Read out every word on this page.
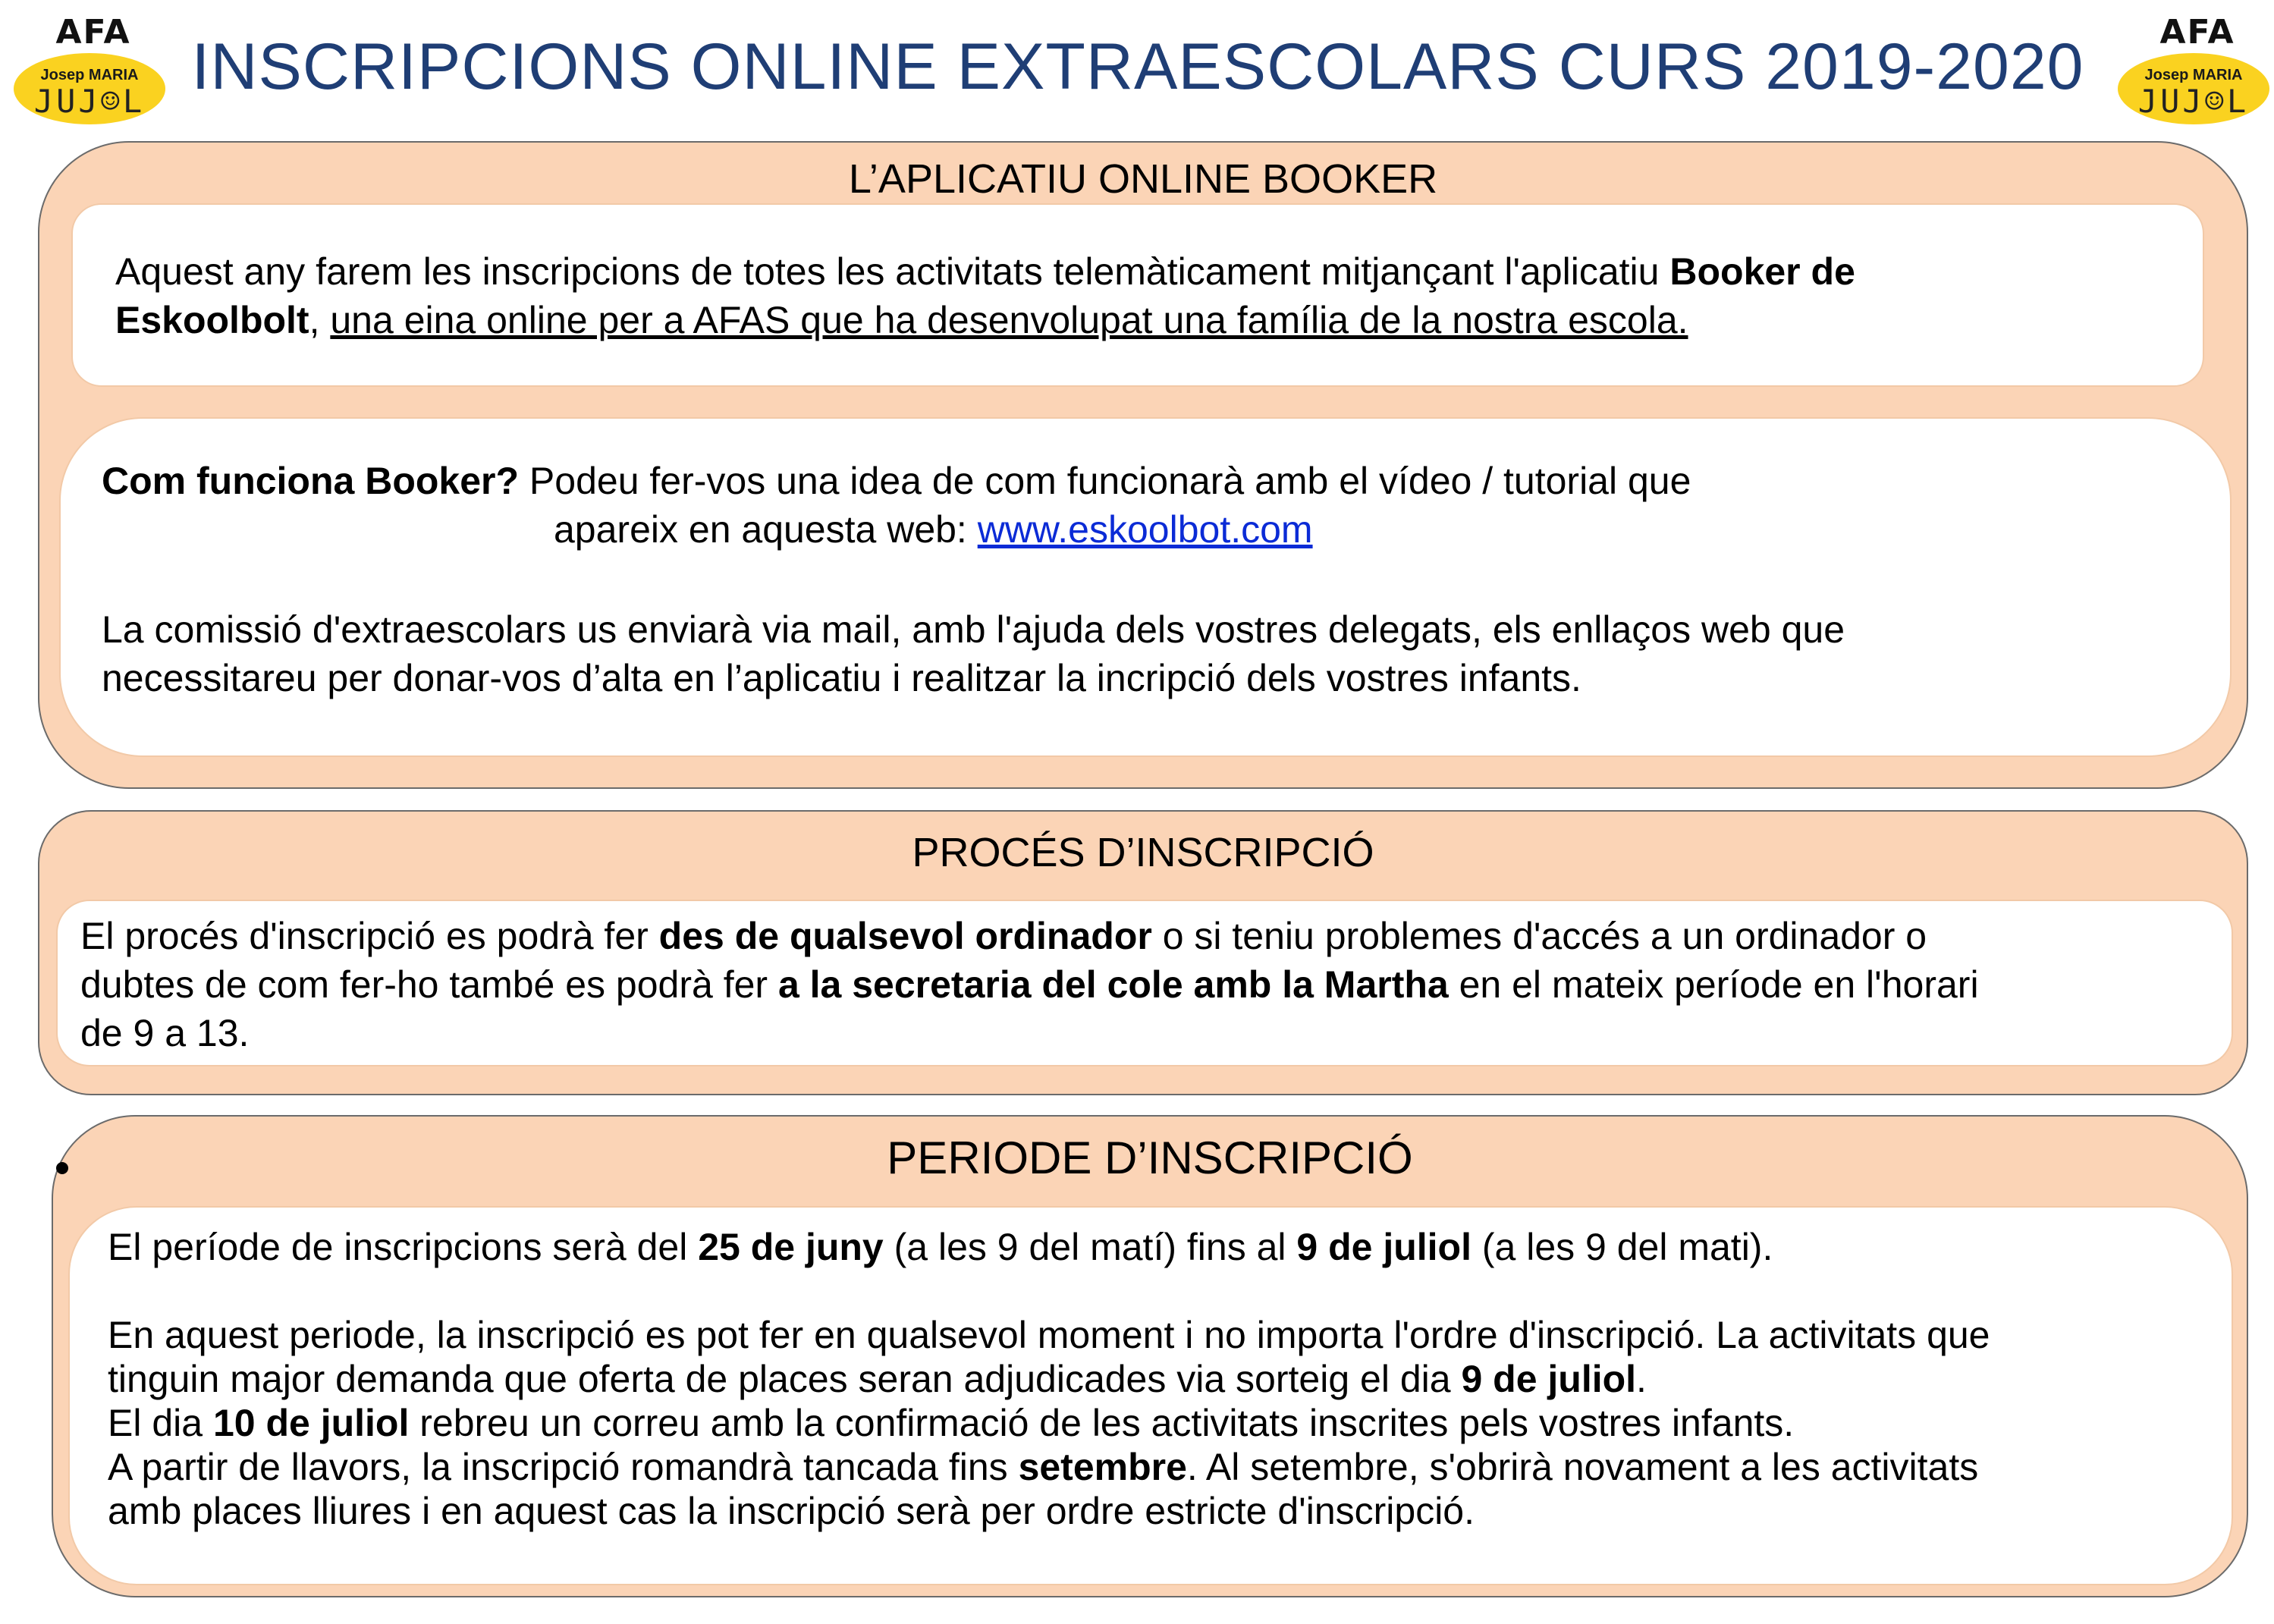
AFA
Josep MARIA
JUJ☺L
AFA
Josep MARIA
JUJ☺L
INSCRIPCIONS ONLINE EXTRAESCOLARS CURS 2019-2020
L’APLICATIU ONLINE BOOKER
Aquest any farem les inscripcions de totes les activitats telemàticament mitjançant l'aplicatiu Booker de
Eskoolbolt, una eina online per a AFAS que ha desenvolupat una família de la nostra escola.
Com funciona Booker? Podeu fer-vos una idea de com funcionarà amb el vídeo / tutorial que
apareix en aquesta web: www.eskoolbot.com
La comissió d'extraescolars us enviarà via mail, amb l'ajuda dels vostres delegats, els enllaços web que
necessitareu per donar-vos d’alta en l’aplicatiu i realitzar la incripció dels vostres infants.
PROCÉS D’INSCRIPCIÓ
El procés d'inscripció es podrà fer des de qualsevol ordinador o si teniu problemes d'accés a un ordinador o
dubtes de com fer-ho també es podrà fer a la secretaria del cole amb la Martha en el mateix període en l'horari
de 9 a 13.
PERIODE D’INSCRIPCIÓ
El període de inscripcions serà del 25 de juny (a les 9 del matí) fins al 9 de juliol (a les 9 del mati).
En aquest periode, la inscripció es pot fer en qualsevol moment i no importa l'ordre d'inscripció. La activitats que
tinguin major demanda que oferta de places seran adjudicades via sorteig el dia 9 de juliol.
El dia 10 de juliol rebreu un correu amb la confirmació de les activitats inscrites pels vostres infants.
A partir de llavors, la inscripció romandrà tancada fins setembre. Al setembre, s'obrirà novament a les activitats
amb places lliures i en aquest cas la inscripció serà per ordre estricte d'inscripció.
